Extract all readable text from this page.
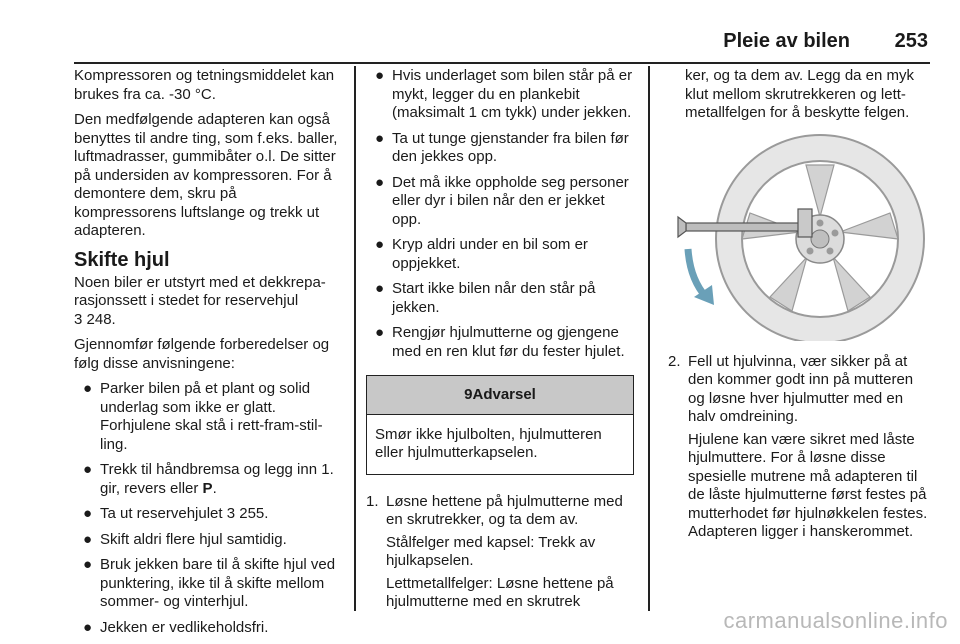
Pleie av bilen	253

Kompressoren og tetningsmiddelet kan brukes fra ca. -30 °C.

Den medfølgende adapteren kan også benyttes til andre ting, som f.eks. baller, luftmadrasser, gummibåter o.l. De sitter på undersiden av kompressoren. For å demontere dem, skru på kompressorens luftslange og trekk ut adapteren.

Skifte hjul

Noen biler er utstyrt med et dekkreparasjonssett i stedet for reservehjul
3 248.

Gjennomfør følgende forberedelser og følg disse anvisningene:

● Parker bilen på et plant og solid underlag som ikke er glatt. Forhjulene skal stå i rett-fram-stilling.
● Trekk til håndbremsa og legg inn 1. gir, revers eller P.
● Ta ut reservehjulet 3 255.
● Skift aldri flere hjul samtidig.
● Bruk jekken bare til å skifte hjul ved punktering, ikke til å skifte mellom sommer- og vinterhjul.
● Jekken er vedlikeholdsfri.
● Hvis underlaget som bilen står på er mykt, legger du en plankebit (maksimalt 1 cm tykk) under jekken.
● Ta ut tunge gjenstander fra bilen før den jekkes opp.
● Det må ikke oppholde seg personer eller dyr i bilen når den er jekket opp.
● Kryp aldri under en bil som er oppjekket.
● Start ikke bilen når den står på jekken.
● Rengjør hjulmutterne og gjengene med en ren klut før du fester hjulet.
9Advarsel
Smør ikke hjulbolten, hjulmutteren eller hjulmutterkapselen.
1. Løsne hettene på hjulmutterne med en skrutrekker, og ta dem av.

Stålfelger med kapsel: Trekk av hjulkapselen.

Lettmetallfelger: Løsne hettene på hjulmutterne med en skrutrek

ker, og ta dem av. Legg da en myk klut mellom skrutrekkeren og lettmetallfelgen for å beskytte felgen.

2. Fell ut hjulvinna, vær sikker på at den kommer godt inn på mutteren og løsne hver hjulmutter med en halv omdreining.

Hjulene kan være sikret med låste hjulmuttere. For å løsne disse spesielle mutrene må adapteren til de låste hjulmutterne først festes på mutterhodet før hjulnøkkelen festes. Adapteren ligger i hanskerommet.

carmanualsonline.info
